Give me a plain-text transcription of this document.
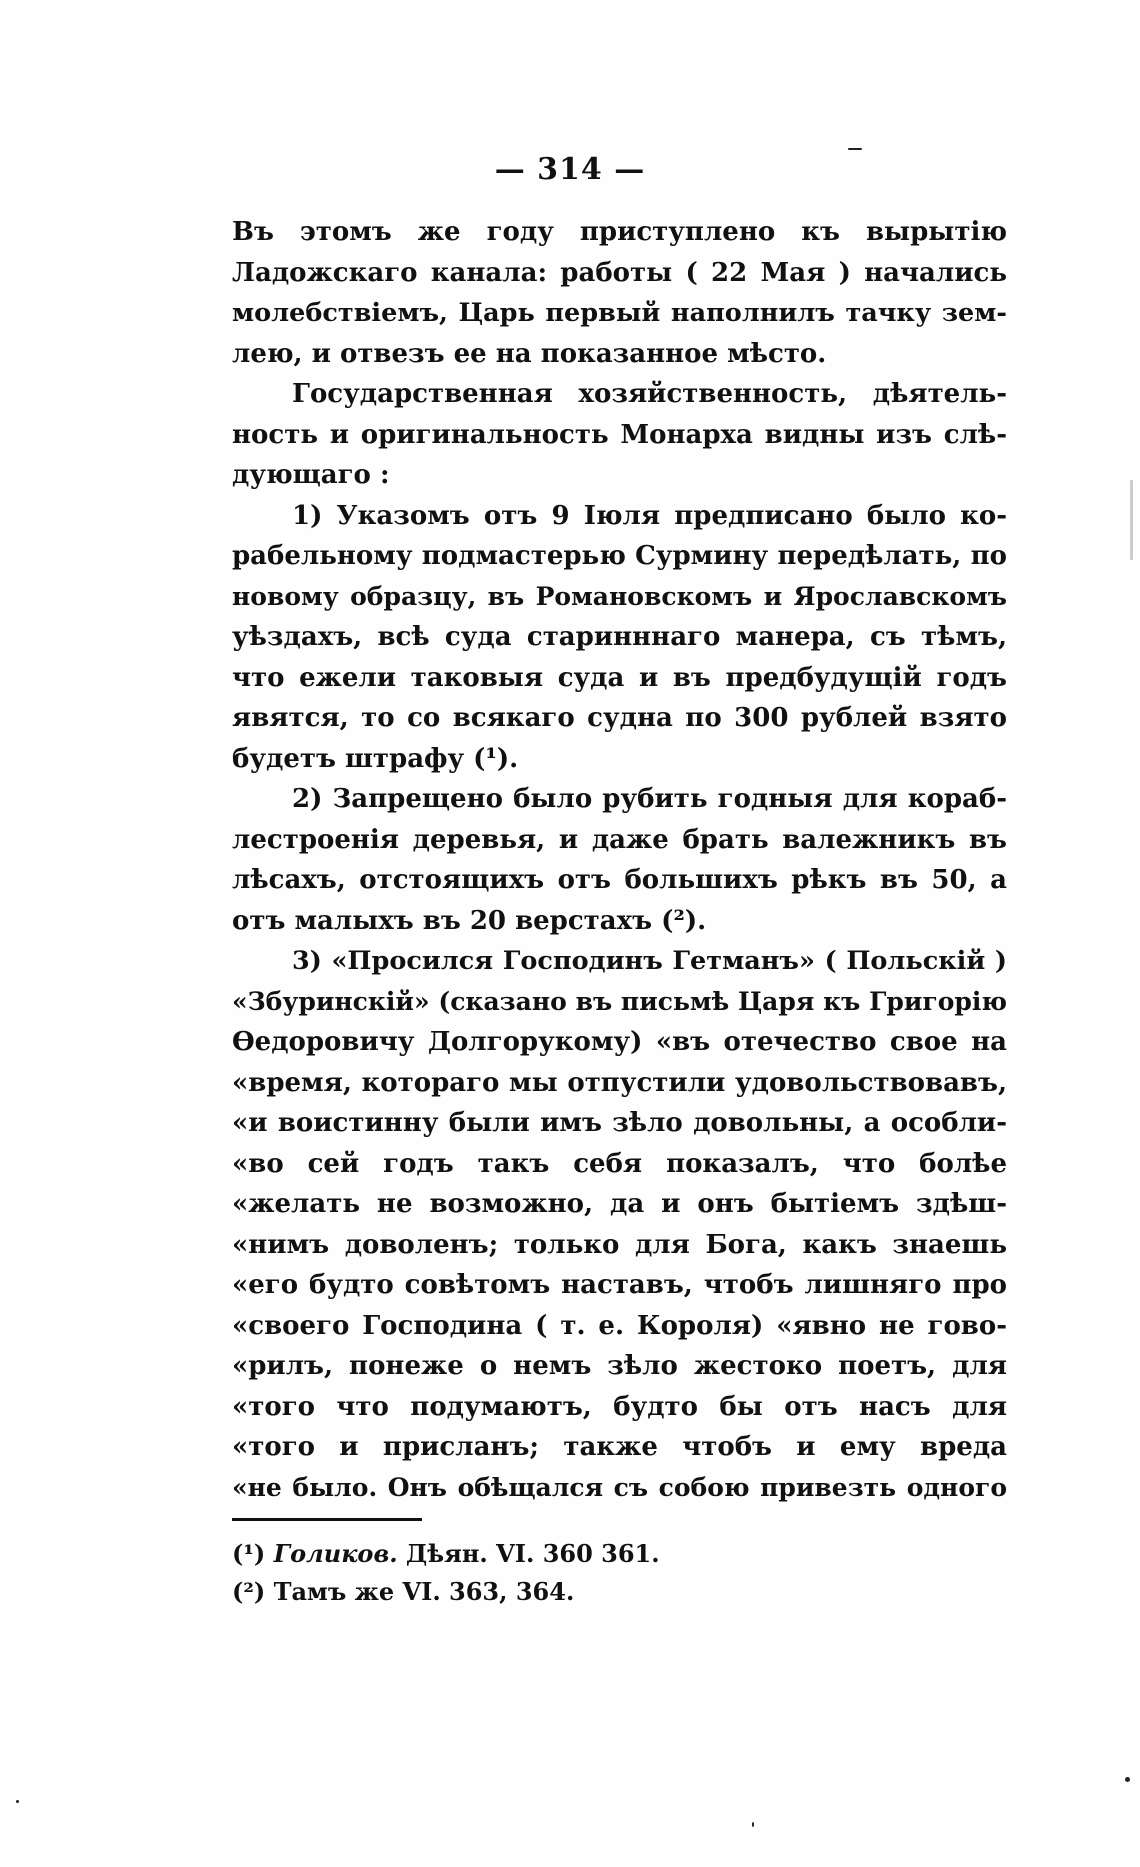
— 314 —
Въ этомъ же году приступлено къ вырытію
Ладожскаго канала: работы ( 22 Мая ) начались
молебствіемъ, Царь первый наполнилъ тачку зем-
лею, и отвезъ ее на показанное мѣсто.
Государственная хозяйственность, дѣятель-
ность и оригинальность Монарха видны изъ слѣ-
дующаго :
1) Указомъ отъ 9 Іюля предписано было ко-
рабельному подмастерью Сурмину передѣлать, по
новому образцу, въ Романовскомъ и Ярославскомъ
уѣздахъ, всѣ суда старинннаго манера, съ тѣмъ,
что ежели таковыя суда и въ предбудущій годъ
явятся, то со всякаго судна по 300 рублей взято
будетъ штрафу (¹).
2) Запрещено было рубить годныя для кораб-
лестроенія деревья, и даже брать валежникъ въ
лѣсахъ, отстоящихъ отъ большихъ рѣкъ въ 50, а
отъ малыхъ въ 20 верстахъ (²).
3) «Просился Господинъ Гетманъ» ( Польскій )
«Збуринскій» (сказано въ письмѣ Царя къ Григорію
Ѳедоровичу Долгорукому) «въ отечество свое на
«время, котораго мы отпустили удовольствовавъ,
«и воистинну были имъ зѣло довольны, а особли-
«во сей годъ такъ себя показалъ, что болѣе
«желать не возможно, да и онъ бытіемъ здѣш-
«нимъ доволенъ; только для Бога, какъ знаешь
«его будто совѣтомъ наставъ, чтобъ лишняго про
«своего Господина ( т. е. Короля) «явно не гово-
«рилъ, понеже о немъ зѣло жестоко поетъ, для
«того что подумаютъ, будто бы отъ насъ для
«того и присланъ; также чтобъ и ему вреда
«не было. Онъ обѣщался съ собою привезть одного
(¹) Голиков. Дѣян. VI. 360 361.
(²) Тамъ же VI. 363, 364.
